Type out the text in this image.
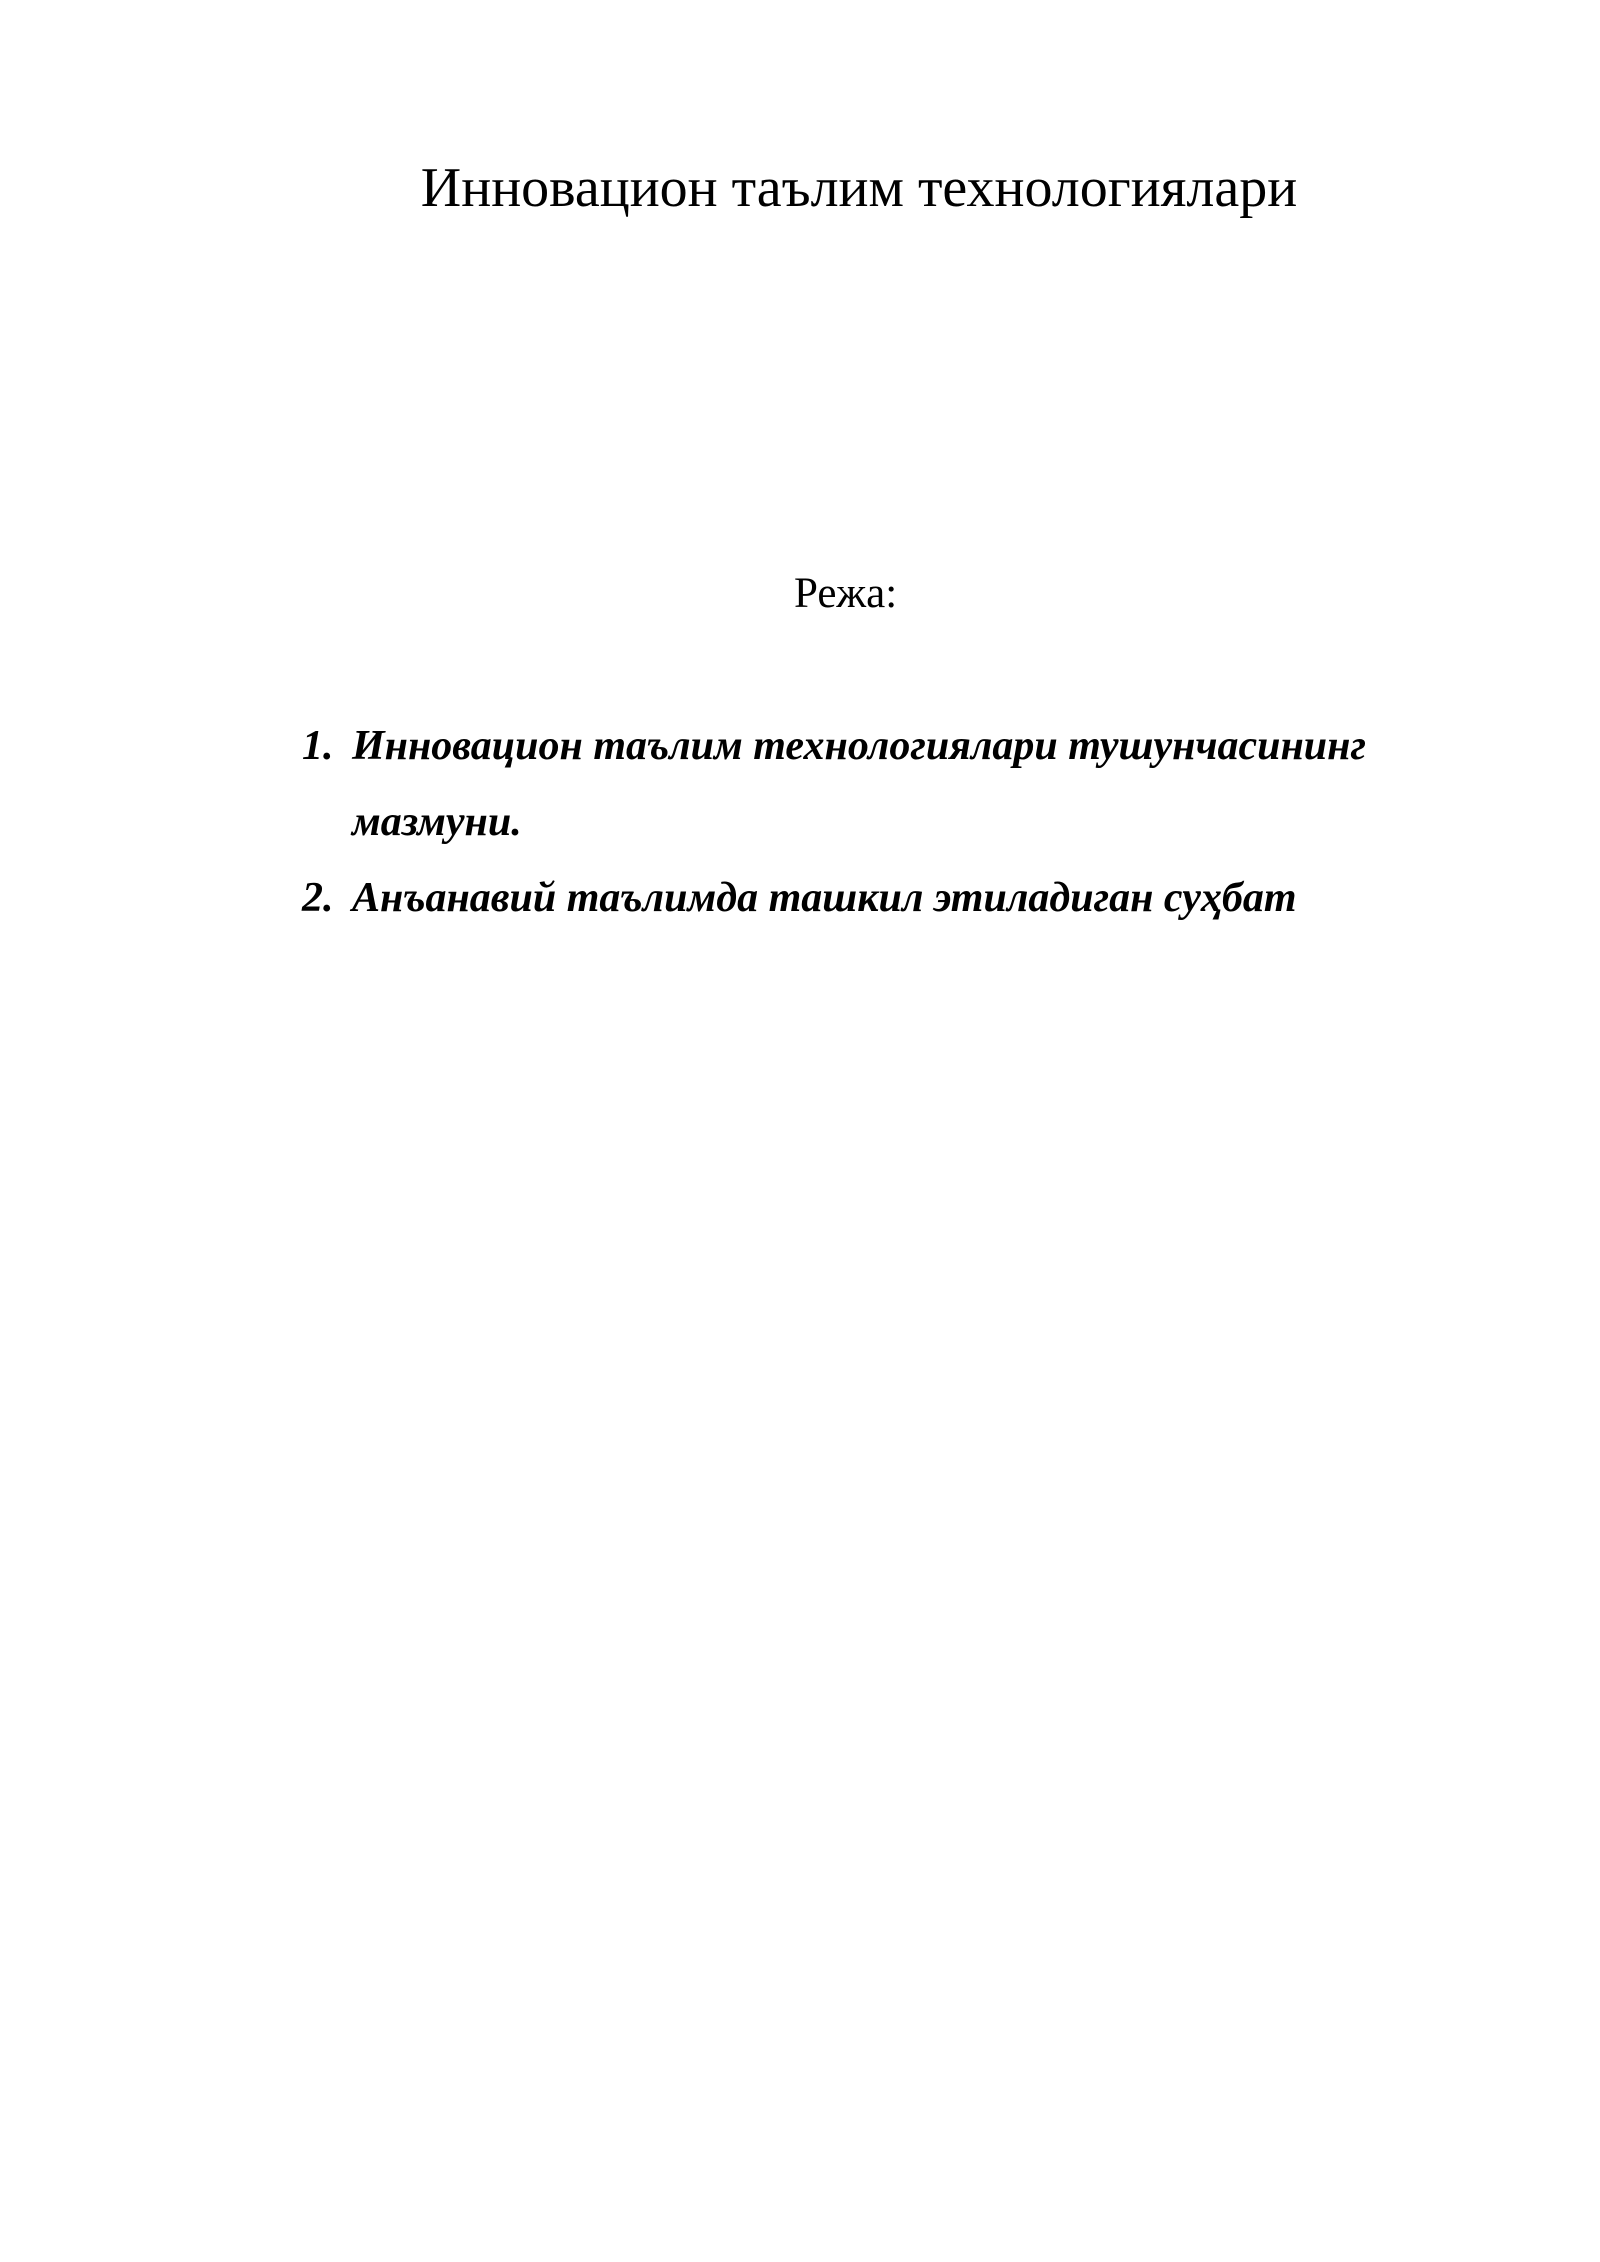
Инновацион таълим технологиялари

Режа:

1. Инновацион таълим технологиялари тушунчасининг мазмуни.
2. Анъанавий таълимда ташкил этиладиган суҳбат
